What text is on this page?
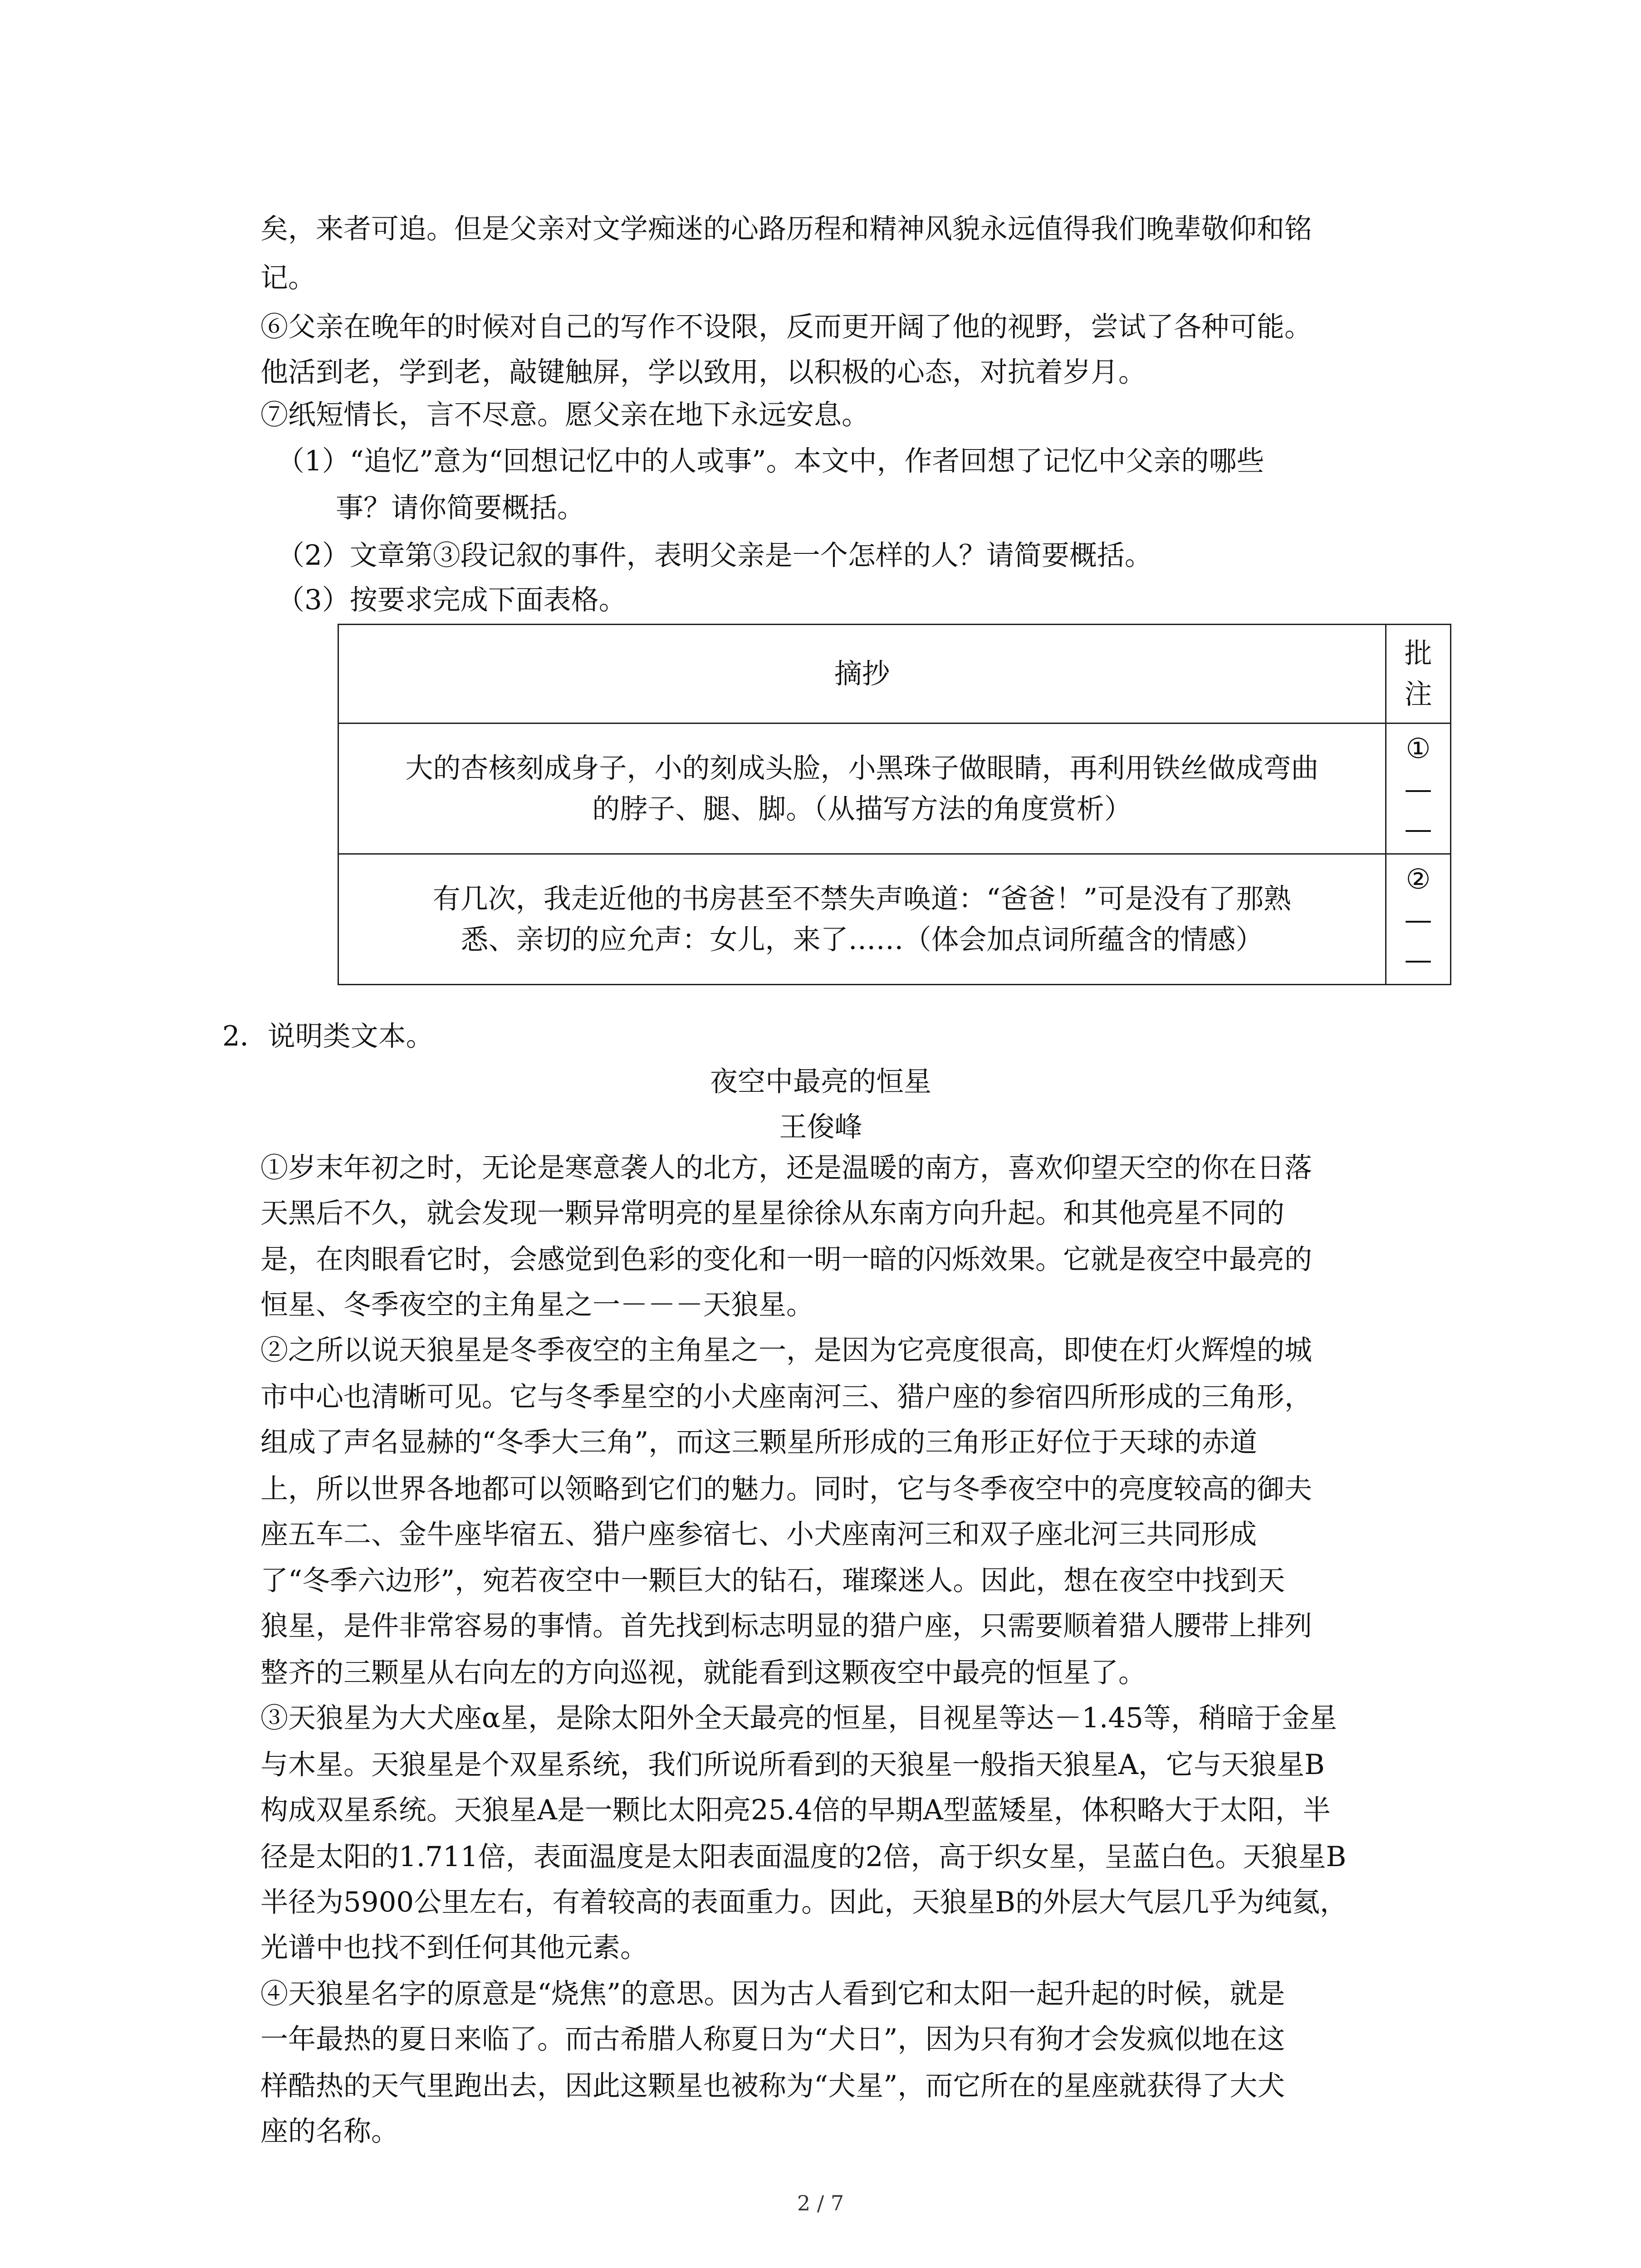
矣，来者可追。但是父亲对文学痴迷的心路历程和精神风貌永远值得我们晚辈敬仰和铭
记。
⑥父亲在晚年的时候对自己的写作不设限，反而更开阔了他的视野，尝试了各种可能。
他活到老，学到老，敲键触屏，学以致用，以积极的心态，对抗着岁月。
⑦纸短情长，言不尽意。愿父亲在地下永远安息。
（1）“追忆”意为“回想记忆中的人或事”。本文中，作者回想了记忆中父亲的哪些
事？请你简要概括。
（2）文章第③段记叙的事件，表明父亲是一个怎样的人？请简要概括。
（3）按要求完成下面表格。
摘抄	批
注

大的杏核刻成身子，小的刻成头脸，小黑珠子做眼睛，再利用铁丝做成弯曲
的脖子、腿、脚。（从描写方法的角度赏析）	①
—
—

有几次，我走近他的书房甚至不禁失声唤道：“爸爸！”可是没有了那熟
悉、亲切的应允声：女儿，来了……（体会加点词所蕴含的情感）	②
—
—
2．说明类文本。
夜空中最亮的恒星
王俊峰
①岁末年初之时，无论是寒意袭人的北方，还是温暖的南方，喜欢仰望天空的你在日落
天黑后不久，就会发现一颗异常明亮的星星徐徐从东南方向升起。和其他亮星不同的
是，在肉眼看它时，会感觉到色彩的变化和一明一暗的闪烁效果。它就是夜空中最亮的
恒星、冬季夜空的主角星之一－－－天狼星。
②之所以说天狼星是冬季夜空的主角星之一，是因为它亮度很高，即使在灯火辉煌的城
市中心也清晰可见。它与冬季星空的小犬座南河三、猎户座的参宿四所形成的三角形，
组成了声名显赫的“冬季大三角”，而这三颗星所形成的三角形正好位于天球的赤道
上，所以世界各地都可以领略到它们的魅力。同时，它与冬季夜空中的亮度较高的御夫
座五车二、金牛座毕宿五、猎户座参宿七、小犬座南河三和双子座北河三共同形成
了“冬季六边形”，宛若夜空中一颗巨大的钻石，璀璨迷人。因此，想在夜空中找到天
狼星，是件非常容易的事情。首先找到标志明显的猎户座，只需要顺着猎人腰带上排列
整齐的三颗星从右向左的方向巡视，就能看到这颗夜空中最亮的恒星了。
③天狼星为大犬座α星，是除太阳外全天最亮的恒星，目视星等达－1.45等，稍暗于金星
与木星。天狼星是个双星系统，我们所说所看到的天狼星一般指天狼星A，它与天狼星B
构成双星系统。天狼星A是一颗比太阳亮25.4倍的早期A型蓝矮星，体积略大于太阳，半
径是太阳的1.711倍，表面温度是太阳表面温度的2倍，高于织女星，呈蓝白色。天狼星B
半径为5900公里左右，有着较高的表面重力。因此，天狼星B的外层大气层几乎为纯氦，
光谱中也找不到任何其他元素。
④天狼星名字的原意是“烧焦”的意思。因为古人看到它和太阳一起升起的时候，就是
一年最热的夏日来临了。而古希腊人称夏日为“犬日”，因为只有狗才会发疯似地在这
样酷热的天气里跑出去，因此这颗星也被称为“犬星”，而它所在的星座就获得了大犬
座的名称。
2 / 7
